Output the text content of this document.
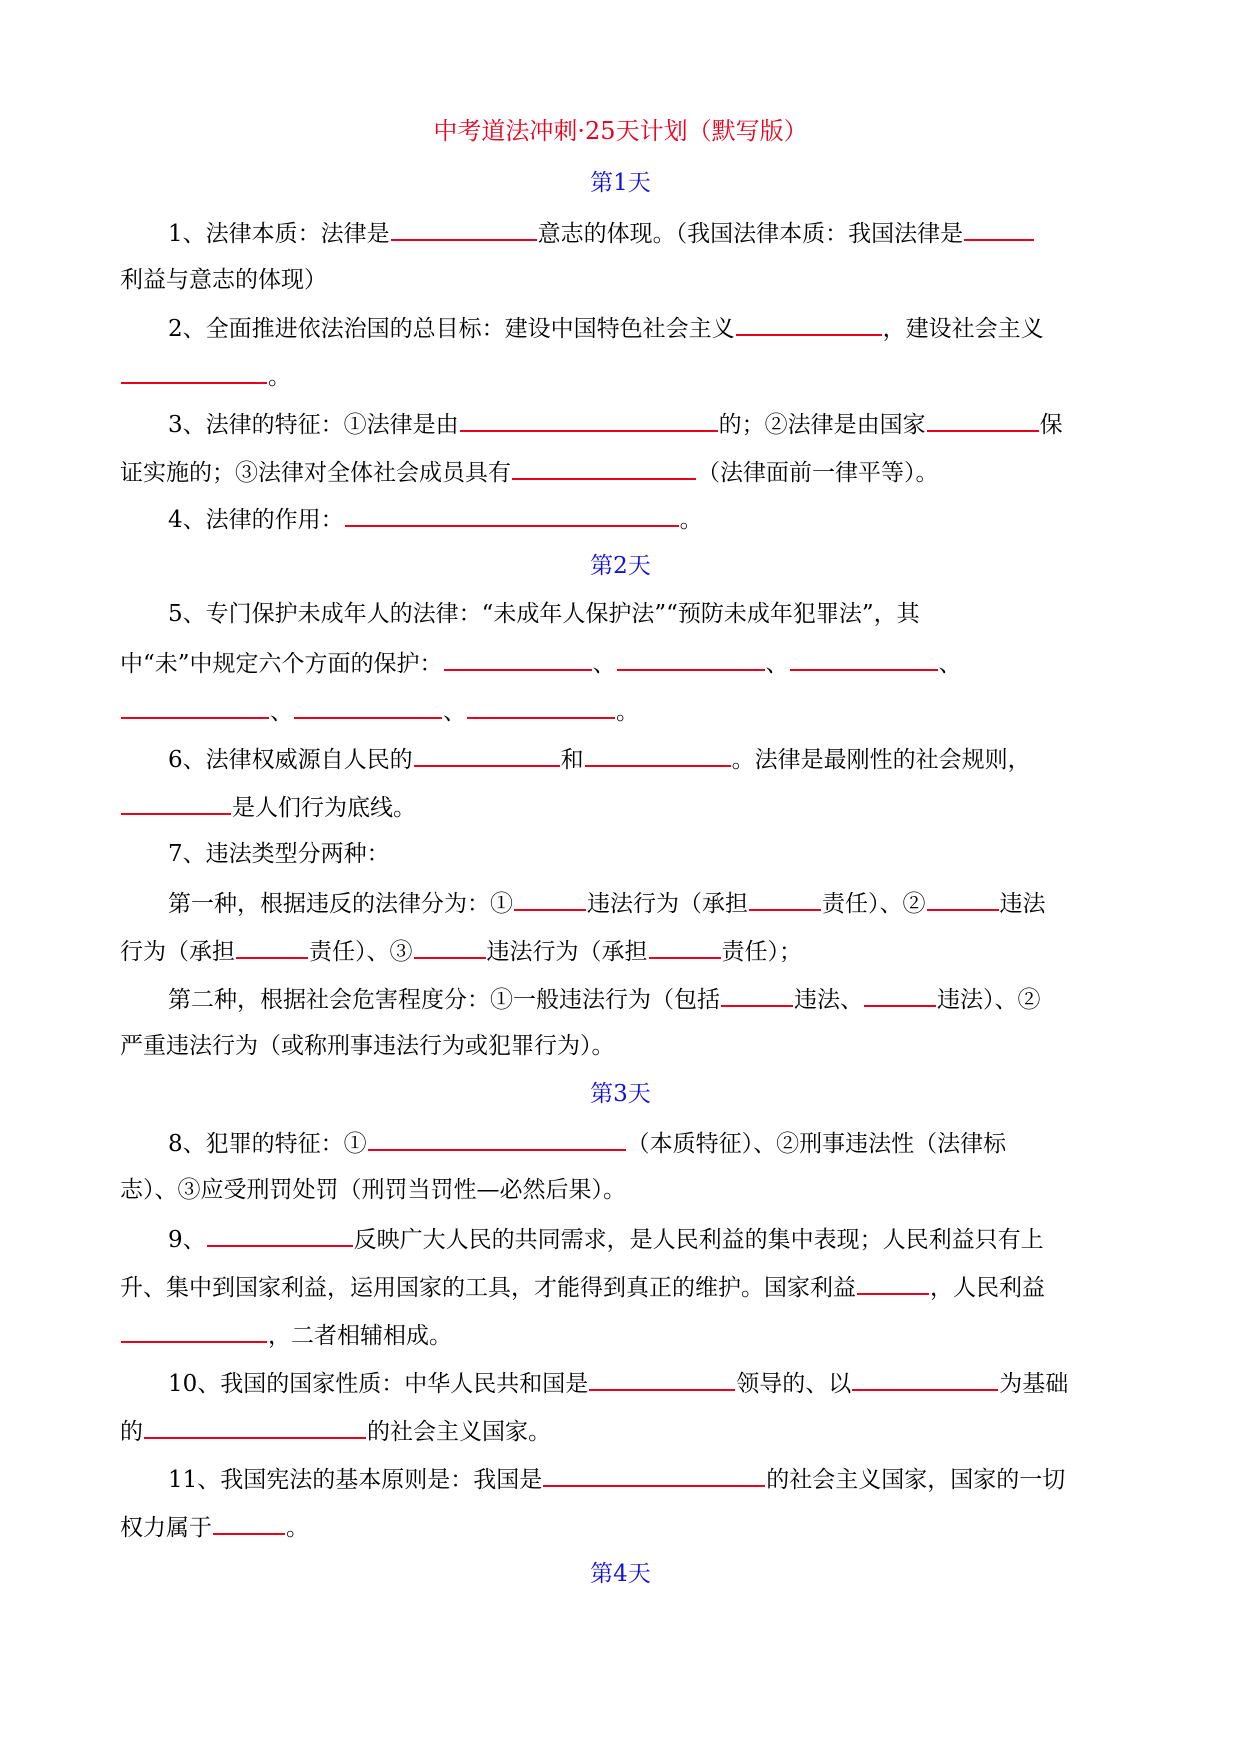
中考道法冲刺·25天计划（默写版）
第1天
1、法律本质：法律是	意志的体现。（我国法律本质：我国法律是
利益与意志的体现）
2、全面推进依法治国的总目标：建设中国特色社会主义	，建设社会主义
。
3、法律的特征：①法律是由	的；②法律是由国家	保
证实施的；③法律对全体社会成员具有	（法律面前一律平等）。
4、法律的作用：	。
第2天
5、专门保护未成年人的法律：“未成年人保护法”“预防未成年犯罪法”，其
中“未”中规定六个方面的保护：	、	、	、
、	、	。
6、法律权威源自人民的	和	。法律是最刚性的社会规则，
是人们行为底线。
7、违法类型分两种：
第一种，根据违反的法律分为：①	违法行为（承担	责任）、②	违法
行为（承担	责任）、③	违法行为（承担	责任）；
第二种，根据社会危害程度分：①一般违法行为（包括	违法、	违法）、②
严重违法行为（或称刑事违法行为或犯罪行为）。
第3天
8、犯罪的特征：①	（本质特征）、②刑事违法性（法律标
志）、③应受刑罚处罚（刑罚当罚性—必然后果）。
9、	反映广大人民的共同需求，是人民利益的集中表现；人民利益只有上
升、集中到国家利益，运用国家的工具，才能得到真正的维护。国家利益	，人民利益
，二者相辅相成。
10、我国的国家性质：中华人民共和国是	领导的、以	为基础
的	的社会主义国家。
11、我国宪法的基本原则是：我国是	的社会主义国家，国家的一切
权力属于	。
第4天
